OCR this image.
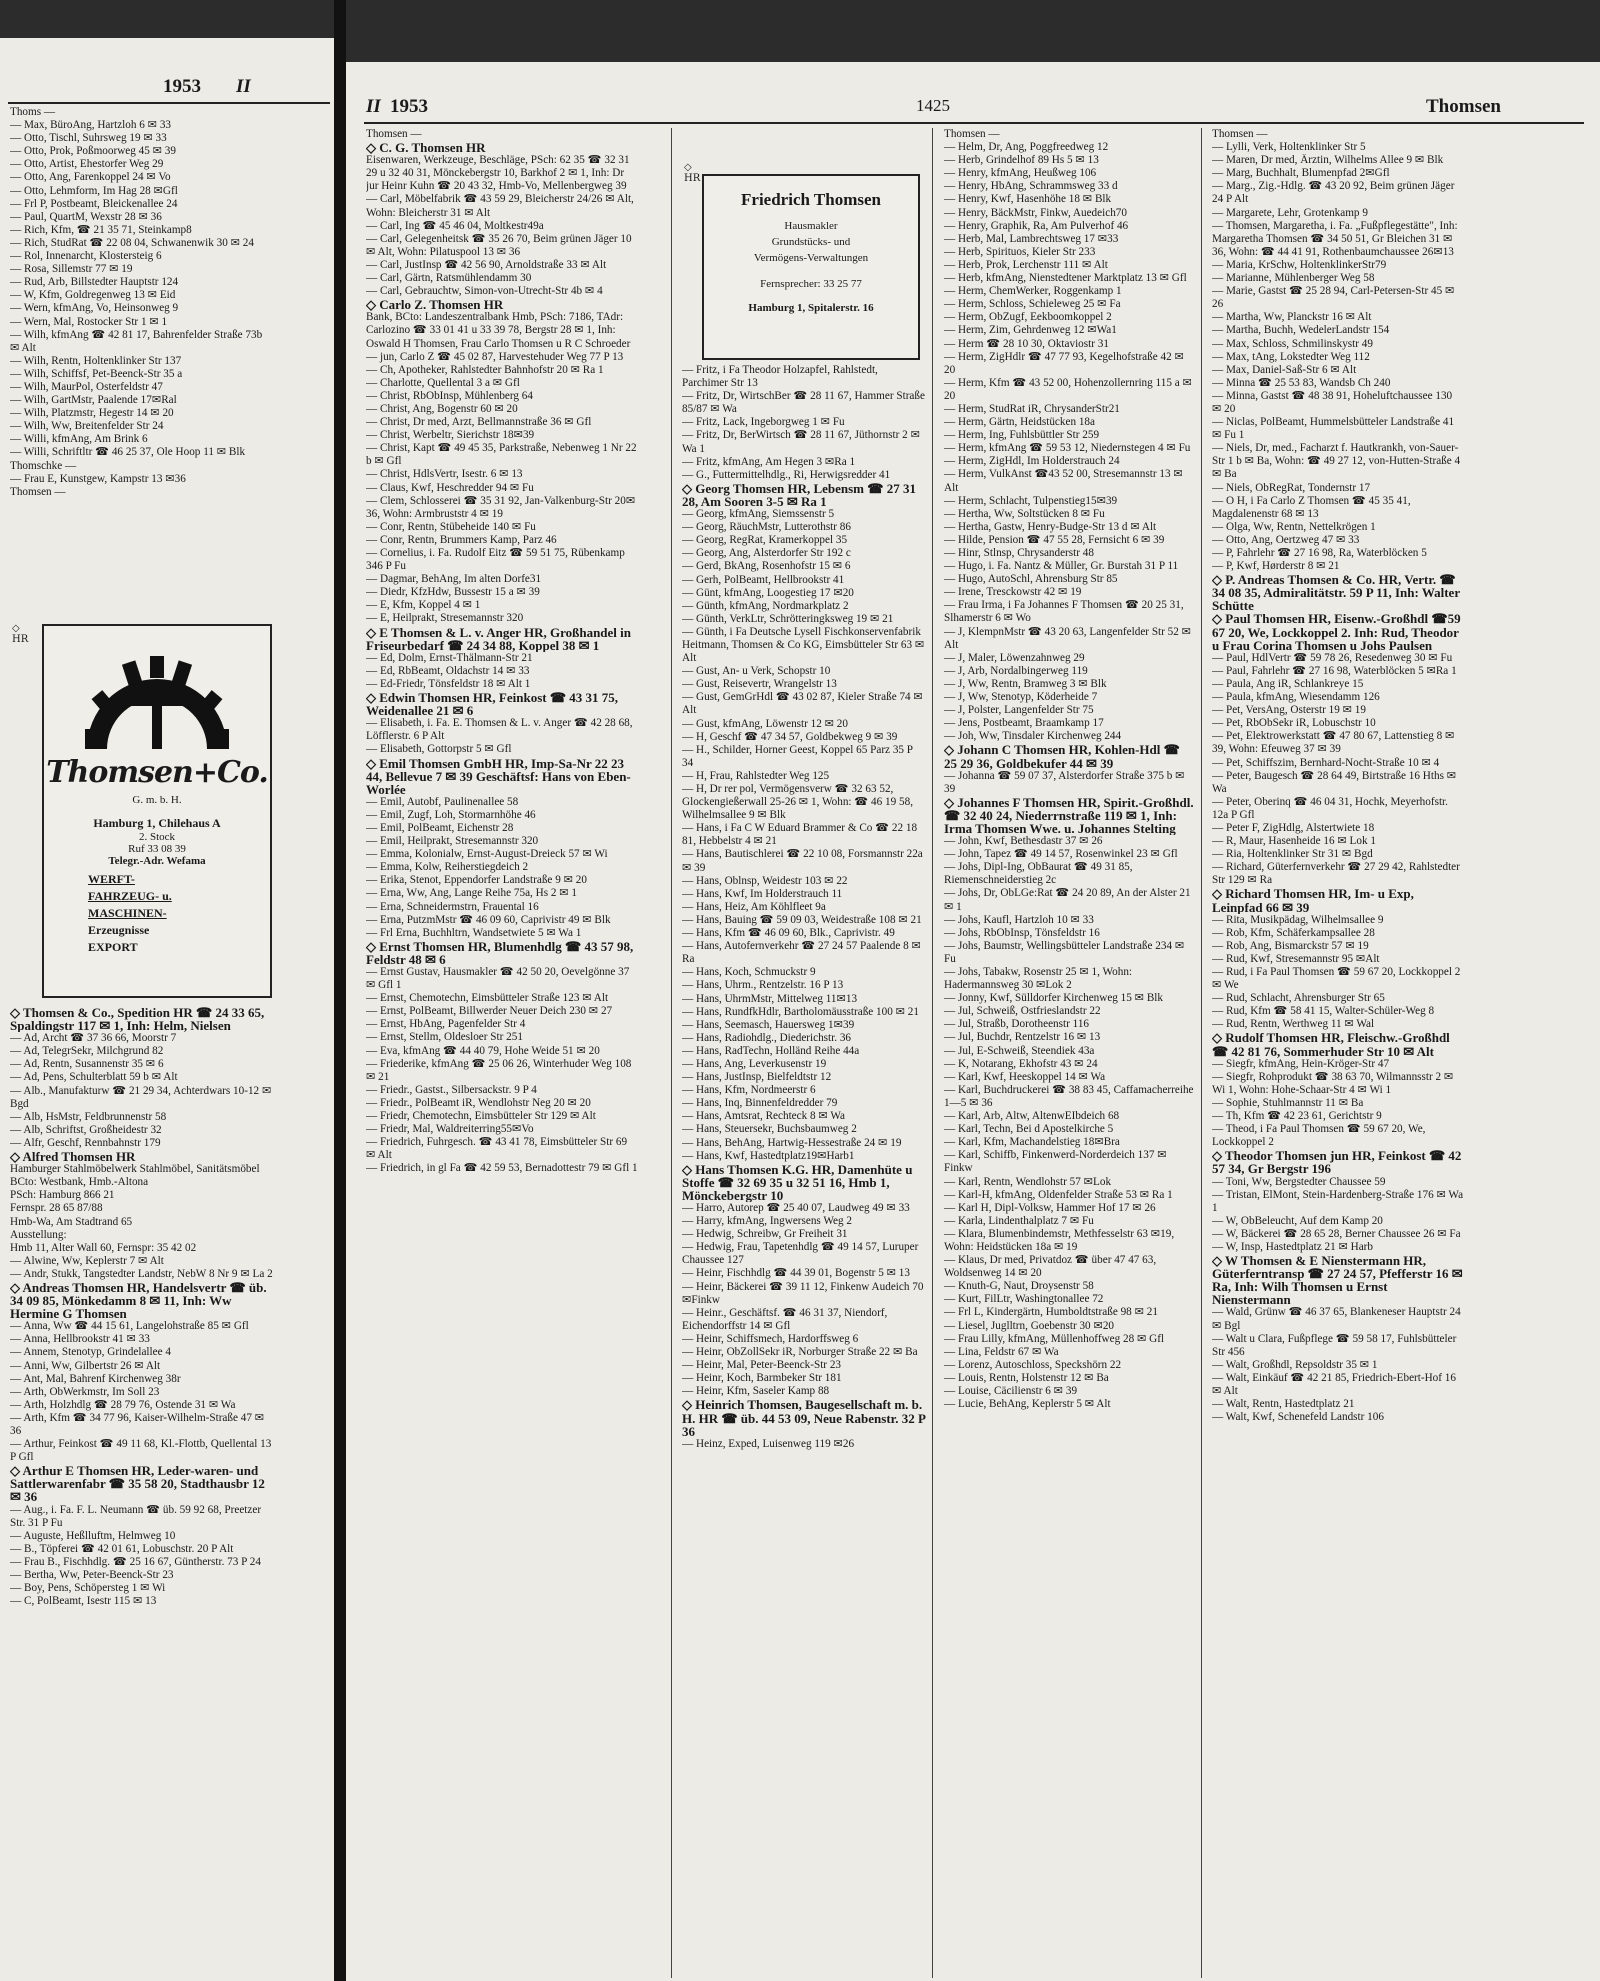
1953 II
Thoms —
— Max, BüroAng, Hartzloh 6 ✉ 33
— Otto, Tischl, Suhrsweg 19 ✉ 33
— Otto, Prok, Poßmoorweg 45 ✉ 39
— Otto, Artist, Ehestorfer Weg 29
— Otto, Ang, Farenkoppel 24 ✉ Vo
— Otto, Lehmform, Im Hag 28 ✉Gfl
— Frl P, Postbeamt, Bleickenallee 24
— Paul, QuartM, Wexstr 28 ✉ 36
— Rich, Kfm, ☎ 21 35 71, Steinkamp8
— Rich, StudRat ☎ 22 08 04, Schwanenwik 30 ✉ 24
— Rol, Innenarcht, Klostersteig 6
— Rosa, Sillemstr 77 ✉ 19
— Rud, Arb, Billstedter Hauptstr 124
— W, Kfm, Goldregenweg 13 ✉ Eid
— Wern, kfmAng, Vo, Heinsonweg 9
— Wern, Mal, Rostocker Str 1 ✉ 1
— Wilh, kfmAng ☎ 42 81 17, Bahrenfelder Straße 73b ✉ Alt
— Wilh, Rentn, Holtenklinker Str 137
— Wilh, Schiffsf, Pet-Beenck-Str 35 a
— Wilh, MaurPol, Osterfeldstr 47
— Wilh, GartMstr, Paalende 17✉Ral
— Wilh, Platzmstr, Hegestr 14 ✉ 20
— Wilh, Ww, Breitenfelder Str 24
— Willi, kfmAng, Am Brink 6
— Willi, Schriftltr ☎ 46 25 37, Ole Hoop 11 ✉ Blk
Thomschke —
— Frau E, Kunstgew, Kampstr 13 ✉36
Thomsen —
◇
HR
Thomsen+Co.
G. m. b. H.
Hamburg 1, Chilehaus A
2. Stock
Ruf 33 08 39
Telegr.-Adr. Wefama
WERFT-
FAHRZEUG- u.
MASCHINEN-
Erzeugnisse
EXPORT
◇ Thomsen & Co., Spedition HR ☎ 24 33 65, Spaldingstr 117 ✉ 1, Inh: Helm, Nielsen
— Ad, Archt ☎ 37 36 66, Moorstr 7
— Ad, TelegrSekr, Milchgrund 82
— Ad, Rentn, Susannenstr 35 ✉ 6
— Ad, Pens, Schulterblatt 59 b ✉ Alt
— Alb., Manufakturw ☎ 21 29 34, Achterdwars 10-12 ✉ Bgd
— Alb, HsMstr, Feldbrunnenstr 58
— Alb, Schriftst, Großheidestr 32
— Alfr, Geschf, Rennbahnstr 179
◇ Alfred Thomsen HR
Hamburger Stahlmöbelwerk Stahlmöbel, Sanitätsmöbel
BCto: Westbank, Hmb.-Altona
PSch: Hamburg 866 21
Fernspr. 28 65 87/88
Hmb-Wa, Am Stadtrand 65
Ausstellung:
Hmb 11, Alter Wall 60, Fernspr: 35 42 02
— Alwine, Ww, Keplerstr 7 ✉ Alt
— Andr, Stukk, Tangstedter Landstr, NebW 8 Nr 9 ✉ La 2
◇ Andreas Thomsen HR, Handelsvertr ☎ üb. 34 09 85, Mönkedamm 8 ✉ 11, Inh: Ww Hermine G Thomsen
— Anna, Ww ☎ 44 15 61, Langelohstraße 85 ✉ Gfl
— Anna, Hellbrookstr 41 ✉ 33
— Annem, Stenotyp, Grindelallee 4
— Anni, Ww, Gilbertstr 26 ✉ Alt
— Ant, Mal, Bahrenf Kirchenweg 38r
— Arth, ObWerkmstr, Im Soll 23
— Arth, Holzhdlg ☎ 28 79 76, Ostende 31 ✉ Wa
— Arth, Kfm ☎ 34 77 96, Kaiser-Wilhelm-Straße 47 ✉ 36
— Arthur, Feinkost ☎ 49 11 68, Kl.-Flottb, Quellental 13 P Gfl
◇ Arthur E Thomsen HR, Leder-waren- und Sattlerwarenfabr ☎ 35 58 20, Stadthausbr 12 ✉ 36
— Aug., i. Fa. F. L. Neumann ☎ üb. 59 92 68, Preetzer Str. 31 P Fu
— Auguste, Heßlluftm, Helmweg 10
— B., Töpferei ☎ 42 01 61, Lobuschstr. 20 P Alt
— Frau B., Fischhdlg. ☎ 25 16 67, Güntherstr. 73 P 24
— Bertha, Ww, Peter-Beenck-Str 23
— Boy, Pens, Schöpersteg 1 ✉ Wi
— C, PolBeamt, Isestr 115 ✉ 13
II 1953	1425	Thomsen
Thomsen —
◇ C. G. Thomsen HR
Eisenwaren, Werkzeuge, Beschläge, PSch: 62 35 ☎ 32 31 29 u 32 40 31, Mönckebergstr 10, Barkhof 2 ✉ 1, Inh: Dr jur Heinr Kuhn ☎ 20 43 32, Hmb-Vo, Mellenbergweg 39
— Carl, Möbelfabrik ☎ 43 59 29, Bleicherstr 24/26 ✉ Alt, Wohn: Bleicherstr 31 ✉ Alt
— Carl, Ing ☎ 45 46 04, Moltkestr49a
— Carl, Gelegenheitsk ☎ 35 26 70, Beim grünen Jäger 10 ✉ Alt, Wohn: Pilatuspool 13 ✉ 36
— Carl, JustInsp ☎ 42 56 90, Arnoldstraße 33 ✉ Alt
— Carl, Gärtn, Ratsmühlendamm 30
— Carl, Gebrauchtw, Simon-von-Utrecht-Str 4b ✉ 4
◇ Carlo Z. Thomsen HR
Bank, BCto: Landeszentralbank Hmb, PSch: 7186, TAdr: Carlozino ☎ 33 01 41 u 33 39 78, Bergstr 28 ✉ 1, Inh: Oswald H Thomsen, Frau Carlo Thomsen u R C Schroeder
— jun, Carlo Z ☎ 45 02 87, Harvestehuder Weg 77 P 13
— Ch, Apotheker, Rahlstedter Bahnhofstr 20 ✉ Ra 1
— Charlotte, Quellental 3 a ✉ Gfl
— Christ, RbObInsp, Mühlenberg 64
— Christ, Ang, Bogenstr 60 ✉ 20
— Christ, Dr med, Arzt, Bellmannstraße 36 ✉ Gfl
— Christ, Werbeltr, Sierichstr 18✉39
— Christ, Kapt ☎ 49 45 35, Parkstraße, Nebenweg 1 Nr 22 b ✉ Gfl
— Christ, HdlsVertr, Isestr. 6 ✉ 13
— Claus, Kwf, Heschredder 94 ✉ Fu
— Clem, Schlosserei ☎ 35 31 92, Jan-Valkenburg-Str 20✉36, Wohn: Armbruststr 4 ✉ 19
— Conr, Rentn, Stübeheide 140 ✉ Fu
— Conr, Rentn, Brummers Kamp, Parz 46
— Cornelius, i. Fa. Rudolf Eitz ☎ 59 51 75, Rübenkamp 346 P Fu
— Dagmar, BehAng, Im alten Dorfe31
— Diedr, KfzHdw, Bussestr 15 a ✉ 39
— E, Kfm, Koppel 4 ✉ 1
— E, Heilprakt, Stresemannstr 320
◇ E Thomsen & L. v. Anger HR, Großhandel in Friseurbedarf ☎ 24 34 88, Koppel 38 ✉ 1
— Ed, Dolm, Ernst-Thälmann-Str 21
— Ed, RbBeamt, Oldachstr 14 ✉ 33
— Ed-Friedr, Tönsfeldstr 18 ✉ Alt 1
◇ Edwin Thomsen HR, Feinkost ☎ 43 31 75, Weidenallee 21 ✉ 6
— Elisabeth, i. Fa. E. Thomsen & L. v. Anger ☎ 42 28 68, Löfflerstr. 6 P Alt
— Elisabeth, Gottorpstr 5 ✉ Gfl
◇ Emil Thomsen GmbH HR, Imp-Sa-Nr 22 23 44, Bellevue 7 ✉ 39 Geschäftsf: Hans von Eben-Worlée
— Emil, Autobf, Paulinenallee 58
— Emil, Zugf, Loh, Stormarnhöhe 46
— Emil, PolBeamt, Eichenstr 28
— Emil, Heilprakt, Stresemannstr 320
— Emma, Kolonialw, Ernst-August-Dreieck 57 ✉ Wi
— Emma, Kolw, Reiherstiegdeich 2
— Erika, Stenot, Eppendorfer Landstraße 9 ✉ 20
— Erna, Ww, Ang, Lange Reihe 75a, Hs 2 ✉ 1
— Erna, Schneidermstrn, Frauental 16
— Erna, PutzmMstr ☎ 46 09 60, Caprivistr 49 ✉ Blk
— Frl Erna, Buchhltrn, Wandsetwiete 5 ✉ Wa 1
◇ Ernst Thomsen HR, Blumenhdlg ☎ 43 57 98, Feldstr 48 ✉ 6
— Ernst Gustav, Hausmakler ☎ 42 50 20, Oevelgönne 37 ✉ Gfl 1
— Ernst, Chemotechn, Eimsbütteler Straße 123 ✉ Alt
— Ernst, PolBeamt, Billwerder Neuer Deich 230 ✉ 27
— Ernst, HbAng, Pagenfelder Str 4
— Ernst, Stellm, Oldesloer Str 251
— Eva, kfmAng ☎ 44 40 79, Hohe Weide 51 ✉ 20
— Friederike, kfmAng ☎ 25 06 26, Winterhuder Weg 108 ✉ 21
— Friedr., Gastst., Silbersackstr. 9 P 4
— Friedr., PolBeamt iR, Wendlohstr Neg 20 ✉ 20
— Friedr, Chemotechn, Eimsbütteler Str 129 ✉ Alt
— Friedr, Mal, Waldreiterring55✉Vo
— Friedrich, Fuhrgesch. ☎ 43 41 78, Eimsbütteler Str 69 ✉ Alt
— Friedrich, in gl Fa ☎ 42 59 53, Bernadottestr 79 ✉ Gfl 1
◇
HR
Friedrich Thomsen
Hausmakler
Grundstücks- und
Vermögens-Verwaltungen
Fernsprecher: 33 25 77
Hamburg 1, Spitalerstr. 16
— Fritz, i Fa Theodor Holzapfel, Rahlstedt, Parchimer Str 13
— Fritz, Dr, WirtschBer ☎ 28 11 67, Hammer Straße 85/87 ✉ Wa
— Fritz, Lack, Ingeborgweg 1 ✉ Fu
— Fritz, Dr, BerWirtsch ☎ 28 11 67, Jüthornstr 2 ✉ Wa 1
— Fritz, kfmAng, Am Hegen 3 ✉Ra 1
— G., Futtermittelhdlg., Ri, Herwigsredder 41
◇ Georg Thomsen HR, Lebensm ☎ 27 31 28, Am Sooren 3-5 ✉ Ra 1
— Georg, kfmAng, Siemssenstr 5
— Georg, RäuchMstr, Lutterothstr 86
— Georg, RegRat, Kramerkoppel 35
— Georg, Ang, Alsterdorfer Str 192 c
— Gerd, BkAng, Rosenhofstr 15 ✉ 6
— Gerh, PolBeamt, Hellbrookstr 41
— Günt, kfmAng, Loogestieg 17 ✉20
— Günth, kfmAng, Nordmarkplatz 2
— Günth, VerkLtr, Schrötteringksweg 19 ✉ 21
— Günth, i Fa Deutsche Lysell Fischkonservenfabrik Heitmann, Thomsen & Co KG, Eimsbütteler Str 63 ✉ Alt
— Gust, An- u Verk, Schopstr 10
— Gust, Reisevertr, Wrangelstr 13
— Gust, GemGrHdl ☎ 43 02 87, Kieler Straße 74 ✉ Alt
— Gust, kfmAng, Löwenstr 12 ✉ 20
— H, Geschf ☎ 47 34 57, Goldbekweg 9 ✉ 39
— H., Schilder, Horner Geest, Koppel 65 Parz 35 P 34
— H, Frau, Rahlstedter Weg 125
— H, Dr rer pol, Vermögensverw ☎ 32 63 52, Glockengießerwall 25-26 ✉ 1, Wohn: ☎ 46 19 58, Wilhelmsallee 9 ✉ Blk
— Hans, i Fa C W Eduard Brammer & Co ☎ 22 18 81, Hebbelstr 4 ✉ 21
— Hans, Bautischlerei ☎ 22 10 08, Forsmannstr 22a ✉ 39
— Hans, Oblnsp, Weidestr 103 ✉ 22
— Hans, Kwf, Im Holderstrauch 11
— Hans, Heiz, Am Köhlfleet 9a
— Hans, Bauing ☎ 59 09 03, Weidestraße 108 ✉ 21
— Hans, Kfm ☎ 46 09 60, Blk., Caprivistr. 49
— Hans, Autofernverkehr ☎ 27 24 57 Paalende 8 ✉ Ra
— Hans, Koch, Schmuckstr 9
— Hans, Uhrm., Rentzelstr. 16 P 13
— Hans, UhrmMstr, Mittelweg 11✉13
— Hans, RundfkHdlr, Bartholomäusstraße 100 ✉ 21
— Hans, Seemasch, Hauersweg 1✉39
— Hans, Radiohdlg., Diederichstr. 36
— Hans, RadTechn, Holländ Reihe 44a
— Hans, Ang, Leverkusenstr 19
— Hans, JustInsp, Bielfeldtstr 12
— Hans, Kfm, Nordmeerstr 6
— Hans, Inq, Binnenfeldredder 79
— Hans, Amtsrat, Rechteck 8 ✉ Wa
— Hans, Steuersekr, Buchsbaumweg 2
— Hans, BehAng, Hartwig-Hessestraße 24 ✉ 19
— Hans, Kwf, Hastedtplatz19✉Harb1
◇ Hans Thomsen K.G. HR, Damenhüte u Stoffe ☎ 32 69 35 u 32 51 16, Hmb 1, Mönckebergstr 10
— Harro, Autorep ☎ 25 40 07, Laudweg 49 ✉ 33
— Harry, kfmAng, Ingwersens Weg 2
— Hedwig, Schreibw, Gr Freiheit 31
— Hedwig, Frau, Tapetenhdlg ☎ 49 14 57, Luruper Chaussee 127
— Heinr, Fischhdlg ☎ 44 39 01, Bogenstr 5 ✉ 13
— Heinr, Bäckerei ☎ 39 11 12, Finkenw Audeich 70 ✉Finkw
— Heinr., Geschäftsf. ☎ 46 31 37, Niendorf, Eichendorffstr 14 ✉ Gfl
— Heinr, Schiffsmech, Hardorffsweg 6
— Heinr, ObZollSekr iR, Norburger Straße 22 ✉ Ba
— Heinr, Mal, Peter-Beenck-Str 23
— Heinr, Koch, Barmbeker Str 181
— Heinr, Kfm, Saseler Kamp 88
◇ Heinrich Thomsen, Baugesellschaft m. b. H. HR ☎ üb. 44 53 09, Neue Rabenstr. 32 P 36
— Heinz, Exped, Luisenweg 119 ✉26
Thomsen —
— Helm, Dr, Ang, Poggfreedweg 12
— Herb, Grindelhof 89 Hs 5 ✉ 13
— Henry, kfmAng, Heußweg 106
— Henry, HbAng, Schrammsweg 33 d
— Henry, Kwf, Hasenhöhe 18 ✉ Blk
— Henry, BäckMstr, Finkw, Auedeich70
— Henry, Graphik, Ra, Am Pulverhof 46
— Herb, Mal, Lambrechtsweg 17 ✉33
— Herb, Spirituos, Kieler Str 233
— Herb, Prok, Lerchenstr 111 ✉ Alt
— Herb, kfmAng, Nienstedtener Marktplatz 13 ✉ Gfl
— Herm, ChemWerker, Roggenkamp 1
— Herm, Schloss, Schieleweg 25 ✉ Fa
— Herm, ObZugf, Eekboomkoppel 2
— Herm, Zim, Gehrdenweg 12 ✉Wa1
— Herm ☎ 28 10 30, Oktaviostr 31
— Herm, ZigHdlr ☎ 47 77 93, Kegelhofstraße 42 ✉ 20
— Herm, Kfm ☎ 43 52 00, Hohenzollernring 115 a ✉ 20
— Herm, StudRat iR, ChrysanderStr21
— Herm, Gärtn, Heidstücken 18a
— Herm, Ing, Fuhlsbüttler Str 259
— Herm, kfmAng ☎ 59 53 12, Niedernstegen 4 ✉ Fu
— Herm, ZigHdl, Im Holderstrauch 24
— Herm, VulkAnst ☎43 52 00, Stresemannstr 13 ✉ Alt
— Herm, Schlacht, Tulpenstieg15✉39
— Hertha, Ww, Soltstücken 8 ✉ Fu
— Hertha, Gastw, Henry-Budge-Str 13 d ✉ Alt
— Hilde, Pension ☎ 47 55 28, Fernsicht 6 ✉ 39
— Hinr, Stlnsp, Chrysanderstr 48
— Hugo, i. Fa. Nantz & Müller, Gr. Burstah 31 P 11
— Hugo, AutoSchl, Ahrensburg Str 85
— Irene, Tresckowstr 42 ✉ 19
— Frau Irma, i Fa Johannes F Thomsen ☎ 20 25 31, Slhamerstr 6 ✉ Wo
— J, KlempnMstr ☎ 43 20 63, Langenfelder Str 52 ✉ Alt
— J, Maler, Löwenzahnweg 29
— J, Arb, Nordalbingerweg 119
— J, Ww, Rentn, Bramweg 3 ✉ Blk
— J, Ww, Stenotyp, Köderheide 7
— J, Polster, Langenfelder Str 75
— Jens, Postbeamt, Braamkamp 17
— Joh, Ww, Tinsdaler Kirchenweg 244
◇ Johann C Thomsen HR, Kohlen-Hdl ☎ 25 29 36, Goldbekufer 44 ✉ 39
— Johanna ☎ 59 07 37, Alsterdorfer Straße 375 b ✉ 39
◇ Johannes F Thomsen HR, Spirit.-Großhdl. ☎ 32 40 24, Niederrnstraße 119 ✉ 1, Inh: Irma Thomsen Wwe. u. Johannes Stelting
— John, Kwf, Bethesdastr 37 ✉ 26
— John, Tapez ☎ 49 14 57, Rosenwinkel 23 ✉ Gfl
— Johs, Dipl-Ing, ObBaurat ☎ 49 31 85, Riemenschneiderstieg 2c
— Johs, Dr, ObLGe:Rat ☎ 24 20 89, An der Alster 21 ✉ 1
— Johs, Kaufl, Hartzloh 10 ✉ 33
— Johs, RbObInsp, Tönsfeldstr 16
— Johs, Baumstr, Wellingsbütteler Landstraße 234 ✉ Fu
— Johs, Tabakw, Rosenstr 25 ✉ 1, Wohn: Hadermannsweg 30 ✉Lok 2
— Jonny, Kwf, Sülldorfer Kirchenweg 15 ✉ Blk
— Jul, Schweiß, Ostfrieslandstr 22
— Jul, Straßb, Dorotheenstr 116
— Jul, Buchdr, Rentzelstr 16 ✉ 13
— Jul, E-Schweiß, Steendiek 43a
— K, Notarang, Ekhofstr 43 ✉ 24
— Karl, Kwf, Heeskoppel 14 ✉ Wa
— Karl, Buchdruckerei ☎ 38 83 45, Caffamacherreihe 1—5 ✉ 36
— Karl, Arb, Altw, AltenwEIbdeich 68
— Karl, Techn, Bei d Apostelkirche 5
— Karl, Kfm, Machandelstieg 18✉Bra
— Karl, Schiffb, Finkenwerd-Norderdeich 137 ✉ Finkw
— Karl, Rentn, Wendlohstr 57 ✉Lok
— Karl-H, kfmAng, Oldenfelder Straße 53 ✉ Ra 1
— Karl H, Dipl-Volksw, Hammer Hof 17 ✉ 26
— Karla, Lindenthalplatz 7 ✉ Fu
— Klara, Blumenbindemstr, Methfesselstr 63 ✉19, Wohn: Heidstücken 18a ✉ 19
— Klaus, Dr med, Privatdoz ☎ über 47 47 63, Woldsenweg 14 ✉ 20
— Knuth-G, Naut, Droysenstr 58
— Kurt, FilLtr, Washingtonallee 72
— Frl L, Kindergärtn, Humboldtstraße 98 ✉ 21
— Liesel, Juglltrn, Goebenstr 30 ✉20
— Frau Lilly, kfmAng, Müllenhoffweg 28 ✉ Gfl
— Lina, Feldstr 67 ✉ Wa
— Lorenz, Autoschloss, Speckshörn 22
— Louis, Rentn, Holstenstr 12 ✉ Ba
— Louise, Cäcilienstr 6 ✉ 39
— Lucie, BehAng, Keplerstr 5 ✉ Alt
Thomsen —
— Lylli, Verk, Holtenklinker Str 5
— Maren, Dr med, Ärztin, Wilhelms Allee 9 ✉ Blk
— Marg, Buchhalt, Blumenpfad 2✉Gfl
— Marg., Zig.-Hdlg. ☎ 43 20 92, Beim grünen Jäger 24 P Alt
— Margarete, Lehr, Grotenkamp 9
— Thomsen, Margaretha, i. Fa. „Fußpflegestätte", Inh: Margaretha Thomsen ☎ 34 50 51, Gr Bleichen 31 ✉ 36, Wohn: ☎ 44 41 91, Rothenbaumchaussee 26✉13
— Maria, KrSchw, HoltenklinkerStr79
— Marianne, Mühlenberger Weg 58
— Marie, Gastst ☎ 25 28 94, Carl-Petersen-Str 45 ✉ 26
— Martha, Ww, Planckstr 16 ✉ Alt
— Martha, Buchh, WedelerLandstr 154
— Max, Schloss, Schmilinskystr 49
— Max, tAng, Lokstedter Weg 112
— Max, Daniel-Saß-Str 6 ✉ Alt
— Minna ☎ 25 53 83, Wandsb Ch 240
— Minna, Gastst ☎ 48 38 91, Hoheluftchaussee 130 ✉ 20
— Niclas, PolBeamt, Hummelsbütteler Landstraße 41 ✉ Fu 1
— Niels, Dr, med., Facharzt f. Hautkrankh, von-Sauer-Str 1 b ✉ Ba, Wohn: ☎ 49 27 12, von-Hutten-Straße 4 ✉ Ba
— Niels, ObRegRat, Tondernstr 17
— O H, i Fa Carlo Z Thomsen ☎ 45 35 41, Magdalenenstr 68 ✉ 13
— Olga, Ww, Rentn, Nettelkrögen 1
— Otto, Ang, Oertzweg 47 ✉ 33
— P, Fahrlehr ☎ 27 16 98, Ra, Waterblöcken 5
— P, Kwf, Hørderstr 8 ✉ 21
◇ P. Andreas Thomsen & Co. HR, Vertr. ☎ 34 08 35, Admiralitätstr. 59 P 11, Inh: Walter Schütte
◇ Paul Thomsen HR, Eisenw.-Großhdl ☎59 67 20, We, Lockkoppel 2. Inh: Rud, Theodor u Frau Corina Thomsen u Johs Paulsen
— Paul, HdlVertr ☎ 59 78 26, Resedenweg 30 ✉ Fu
— Paul, Fahrlehr ☎ 27 16 98, Waterblöcken 5 ✉Ra 1
— Paula, Ang iR, Schlankreye 15
— Paula, kfmAng, Wiesendamm 126
— Pet, VersAng, Osterstr 19 ✉ 19
— Pet, RbObSekr iR, Lobuschstr 10
— Pet, Elektrowerkstatt ☎ 47 80 67, Lattenstieg 8 ✉ 39, Wohn: Efeuweg 37 ✉ 39
— Pet, Schiffszim, Bernhard-Nocht-Straße 10 ✉ 4
— Peter, Baugesch ☎ 28 64 49, Birtstraße 16 Hths ✉ Wa
— Peter, Oberinq ☎ 46 04 31, Hochk, Meyerhofstr. 12a P Gfl
— Peter F, ZigHdlg, Alstertwiete 18
— R, Maur, Hasenheide 16 ✉ Lok 1
— Ria, Holtenklinker Str 31 ✉ Bgd
— Richard, Güterfernverkehr ☎ 27 29 42, Rahlstedter Str 129 ✉ Ra
◇ Richard Thomsen HR, Im- u Exp, Leinpfad 66 ✉ 39
— Rita, Musikpädag, Wilhelmsallee 9
— Rob, Kfm, Schäferkampsallee 28
— Rob, Ang, Bismarckstr 57 ✉ 19
— Rud, Kwf, Stresemannstr 95 ✉Alt
— Rud, i Fa Paul Thomsen ☎ 59 67 20, Lockkoppel 2 ✉ We
— Rud, Schlacht, Ahrensburger Str 65
— Rud, Kfm ☎ 58 41 15, Walter-Schüler-Weg 8
— Rud, Rentn, Werthweg 11 ✉ Wal
◇ Rudolf Thomsen HR, Fleischw.-Großhdl ☎ 42 81 76, Sommerhuder Str 10 ✉ Alt
— Siegfr, kfmAng, Hein-Kröger-Str 47
— Siegfr, Rohprodukt ☎ 38 63 70, Wilmannsstr 2 ✉ Wi 1, Wohn: Hohe-Schaar-Str 4 ✉ Wi 1
— Sophie, Stuhlmannstr 11 ✉ Ba
— Th, Kfm ☎ 42 23 61, Gerichtstr 9
— Theod, i Fa Paul Thomsen ☎ 59 67 20, We, Lockkoppel 2
◇ Theodor Thomsen jun HR, Feinkost ☎ 42 57 34, Gr Bergstr 196
— Toni, Ww, Bergstedter Chaussee 59
— Tristan, ElMont, Stein-Hardenberg-Straße 176 ✉ Wa 1
— W, ObBeleucht, Auf dem Kamp 20
— W, Bäckerei ☎ 28 65 28, Berner Chaussee 26 ✉ Fa
— W, Insp, Hastedtplatz 21 ✉ Harb
◇ W Thomsen & E Nienstermann HR, Güterferntransp ☎ 27 24 57, Pfefferstr 16 ✉ Ra, Inh: Wilh Thomsen u Ernst Nienstermann
— Wald, Grünw ☎ 46 37 65, Blankeneser Hauptstr 24 ✉ Bgl
— Walt u Clara, Fußpflege ☎ 59 58 17, Fuhlsbütteler Str 456
— Walt, Großhdl, Repsoldstr 35 ✉ 1
— Walt, Einkäuf ☎ 42 21 85, Friedrich-Ebert-Hof 16 ✉ Alt
— Walt, Rentn, Hastedtplatz 21
— Walt, Kwf, Schenefeld Landstr 106
